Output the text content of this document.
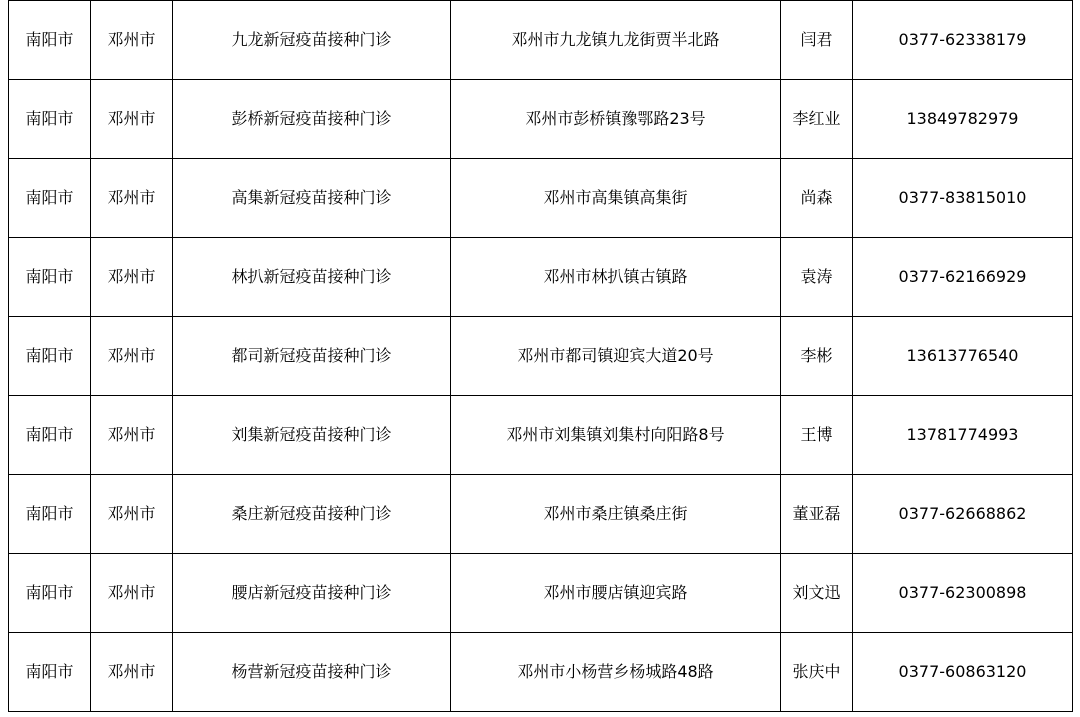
南阳市	邓州市	九龙新冠疫苗接种门诊	邓州市九龙镇九龙街贾半北路	闫君	0377-62338179
南阳市	邓州市	彭桥新冠疫苗接种门诊	邓州市彭桥镇豫鄂路23号	李红业	13849782979
南阳市	邓州市	高集新冠疫苗接种门诊	邓州市高集镇高集街	尚森	0377-83815010
南阳市	邓州市	林扒新冠疫苗接种门诊	邓州市林扒镇古镇路	袁涛	0377-62166929
南阳市	邓州市	都司新冠疫苗接种门诊	邓州市都司镇迎宾大道20号	李彬	13613776540
南阳市	邓州市	刘集新冠疫苗接种门诊	邓州市刘集镇刘集村向阳路8号	王博	13781774993
南阳市	邓州市	桑庄新冠疫苗接种门诊	邓州市桑庄镇桑庄街	董亚磊	0377-62668862
南阳市	邓州市	腰店新冠疫苗接种门诊	邓州市腰店镇迎宾路	刘文迅	0377-62300898
南阳市	邓州市	杨营新冠疫苗接种门诊	邓州市小杨营乡杨城路48路	张庆中	0377-60863120
